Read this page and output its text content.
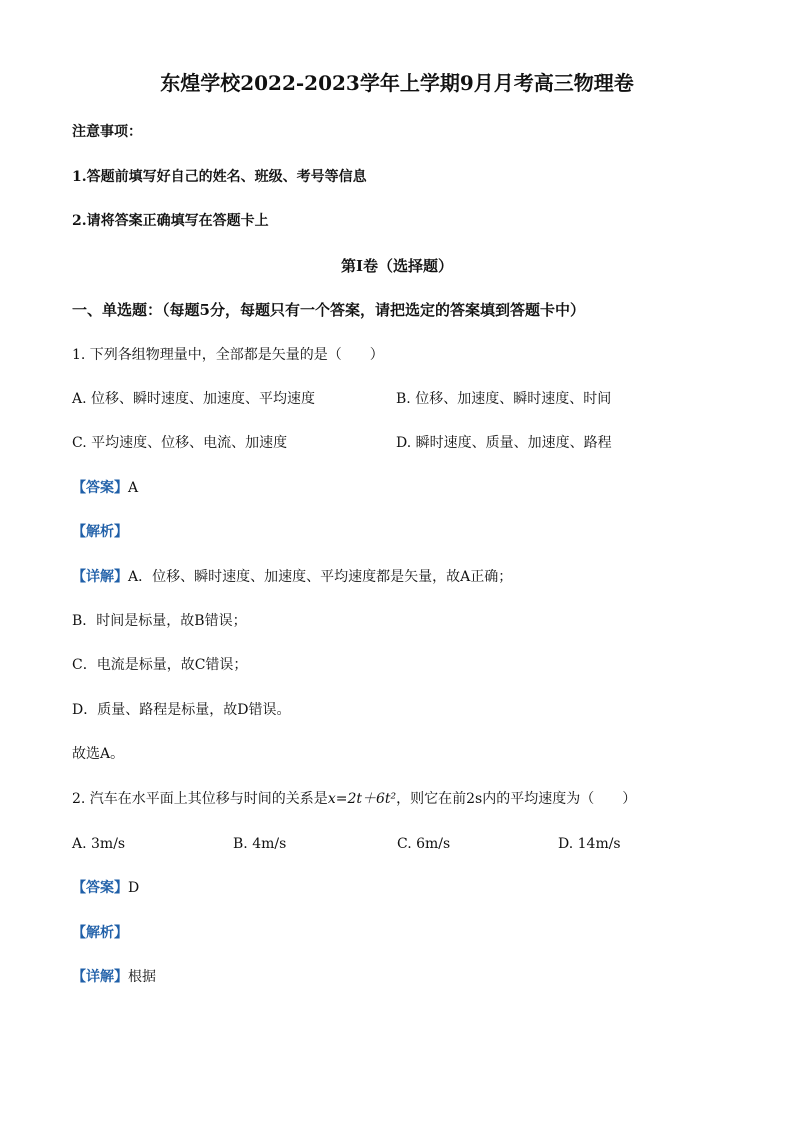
东煌学校2022-2023学年上学期9月月考高三物理卷
注意事项：
1.答题前填写好自己的姓名、班级、考号等信息
2.请将答案正确填写在答题卡上
第I卷（选择题）
一、单选题：（每题5分，每题只有一个答案，请把选定的答案填到答题卡中）
1. 下列各组物理量中，全部都是矢量的是（　　）
A. 位移、瞬时速度、加速度、平均速度	B. 位移、加速度、瞬时速度、时间
C. 平均速度、位移、电流、加速度	D. 瞬时速度、质量、加速度、路程
【答案】A
【解析】
【详解】A．位移、瞬时速度、加速度、平均速度都是矢量，故A正确；
B．时间是标量，故B错误；
C．电流是标量，故C错误；
D．质量、路程是标量，故D错误。
故选A。
2. 汽车在水平面上其位移与时间的关系是x=2t＋6t²，则它在前2s内的平均速度为（　　）
A. 3m/s	B. 4m/s	C. 6m/s	D. 14m/s
【答案】D
【解析】
【详解】根据
